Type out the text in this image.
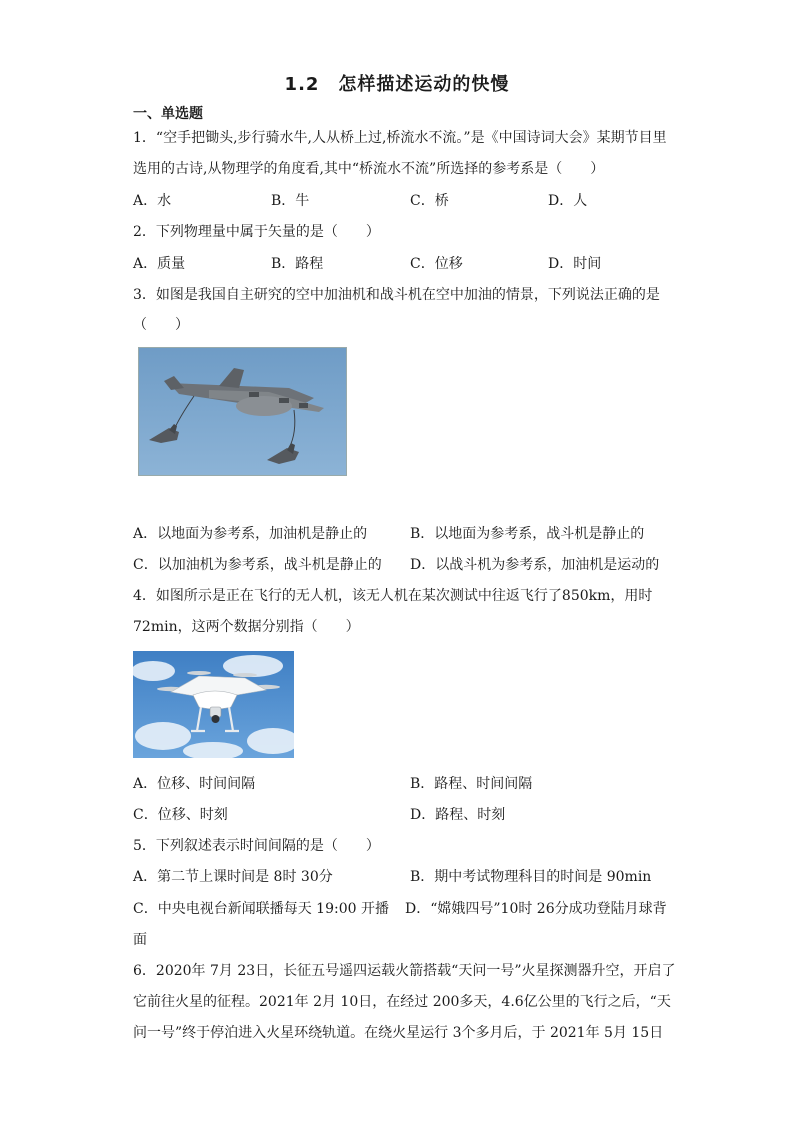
1.2　怎样描述运动的快慢
一、单选题
1．“空手把锄头,步行骑水牛,人从桥上过,桥流水不流。”是《中国诗词大会》某期节目里
选用的古诗,从物理学的角度看,其中“桥流水不流”所选择的参考系是（　　）
A．水	B．牛	C．桥	D．人
2．下列物理量中属于矢量的是（　　）
A．质量	B．路程	C．位移	D．时间
3．如图是我国自主研究的空中加油机和战斗机在空中加油的情景，下列说法正确的是
（　　）
A．以地面为参考系，加油机是静止的	B．以地面为参考系，战斗机是静止的
C．以加油机为参考系，战斗机是静止的 D．以战斗机为参考系，加油机是运动的
4．如图所示是正在飞行的无人机，该无人机在某次测试中往返飞行了850km，用时
72min，这两个数据分别指（　　）
A．位移、时间间隔	B．路程、时间间隔
C．位移、时刻	D．路程、时刻
5．下列叙述表示时间间隔的是（　　）
A．第二节上课时间是 8时 30分	B．期中考试物理科目的时间是 90min
C．中央电视台新闻联播每天 19:00 开播 D．“嫦娥四号”10时 26分成功登陆月球背
面
6．2020年 7月 23日，长征五号遥四运载火箭搭载“天问一号”火星探测器升空，开启了
它前往火星的征程。2021年 2月 10日，在经过 200多天，4.6亿公里的飞行之后，“天
问一号”终于停泊进入火星环绕轨道。在绕火星运行 3个多月后，于 2021年 5月 15日
